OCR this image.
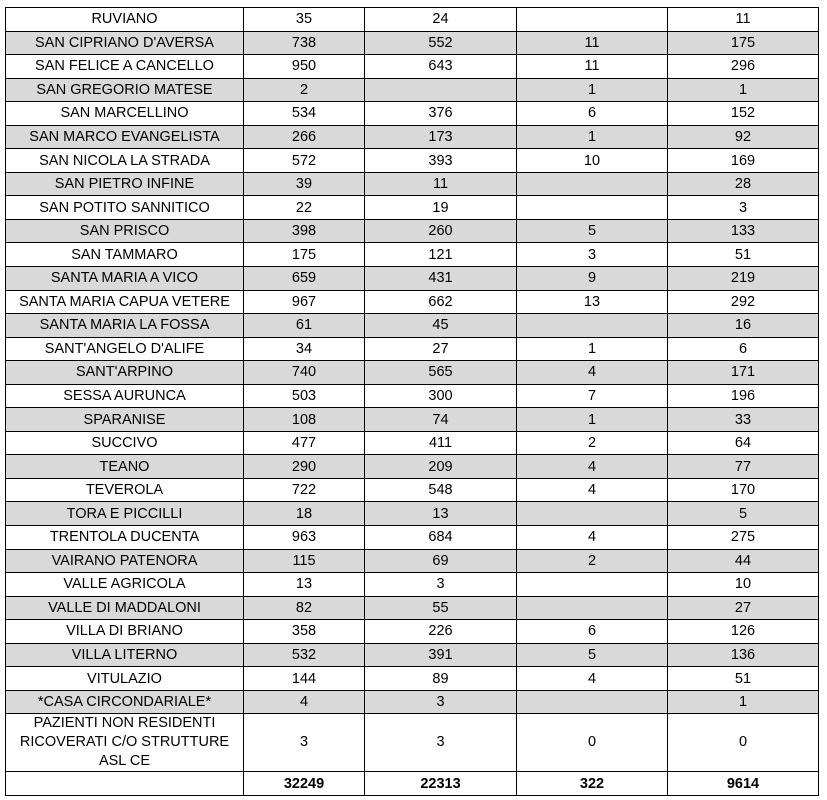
RUVIANO	35	24		11
SAN CIPRIANO D'AVERSA	738	552	11	175
SAN FELICE A CANCELLO	950	643	11	296
SAN GREGORIO MATESE	2		1	1
SAN MARCELLINO	534	376	6	152
SAN MARCO EVANGELISTA	266	173	1	92
SAN NICOLA LA STRADA	572	393	10	169
SAN PIETRO INFINE	39	11		28
SAN POTITO SANNITICO	22	19		3
SAN PRISCO	398	260	5	133
SAN TAMMARO	175	121	3	51
SANTA MARIA A VICO	659	431	9	219
SANTA MARIA CAPUA VETERE	967	662	13	292
SANTA MARIA LA FOSSA	61	45		16
SANT'ANGELO D'ALIFE	34	27	1	6
SANT'ARPINO	740	565	4	171
SESSA AURUNCA	503	300	7	196
SPARANISE	108	74	1	33
SUCCIVO	477	411	2	64
TEANO	290	209	4	77
TEVEROLA	722	548	4	170
TORA E PICCILLI	18	13		5
TRENTOLA DUCENTA	963	684	4	275
VAIRANO PATENORA	115	69	2	44
VALLE AGRICOLA	13	3		10
VALLE DI MADDALONI	82	55		27
VILLA DI BRIANO	358	226	6	126
VILLA LITERNO	532	391	5	136
VITULAZIO	144	89	4	51
*CASA CIRCONDARIALE*	4	3		1
PAZIENTI NON RESIDENTI RICOVERATI C/O STRUTTURE ASL CE	3	3	0	0
	32249	22313	322	9614
